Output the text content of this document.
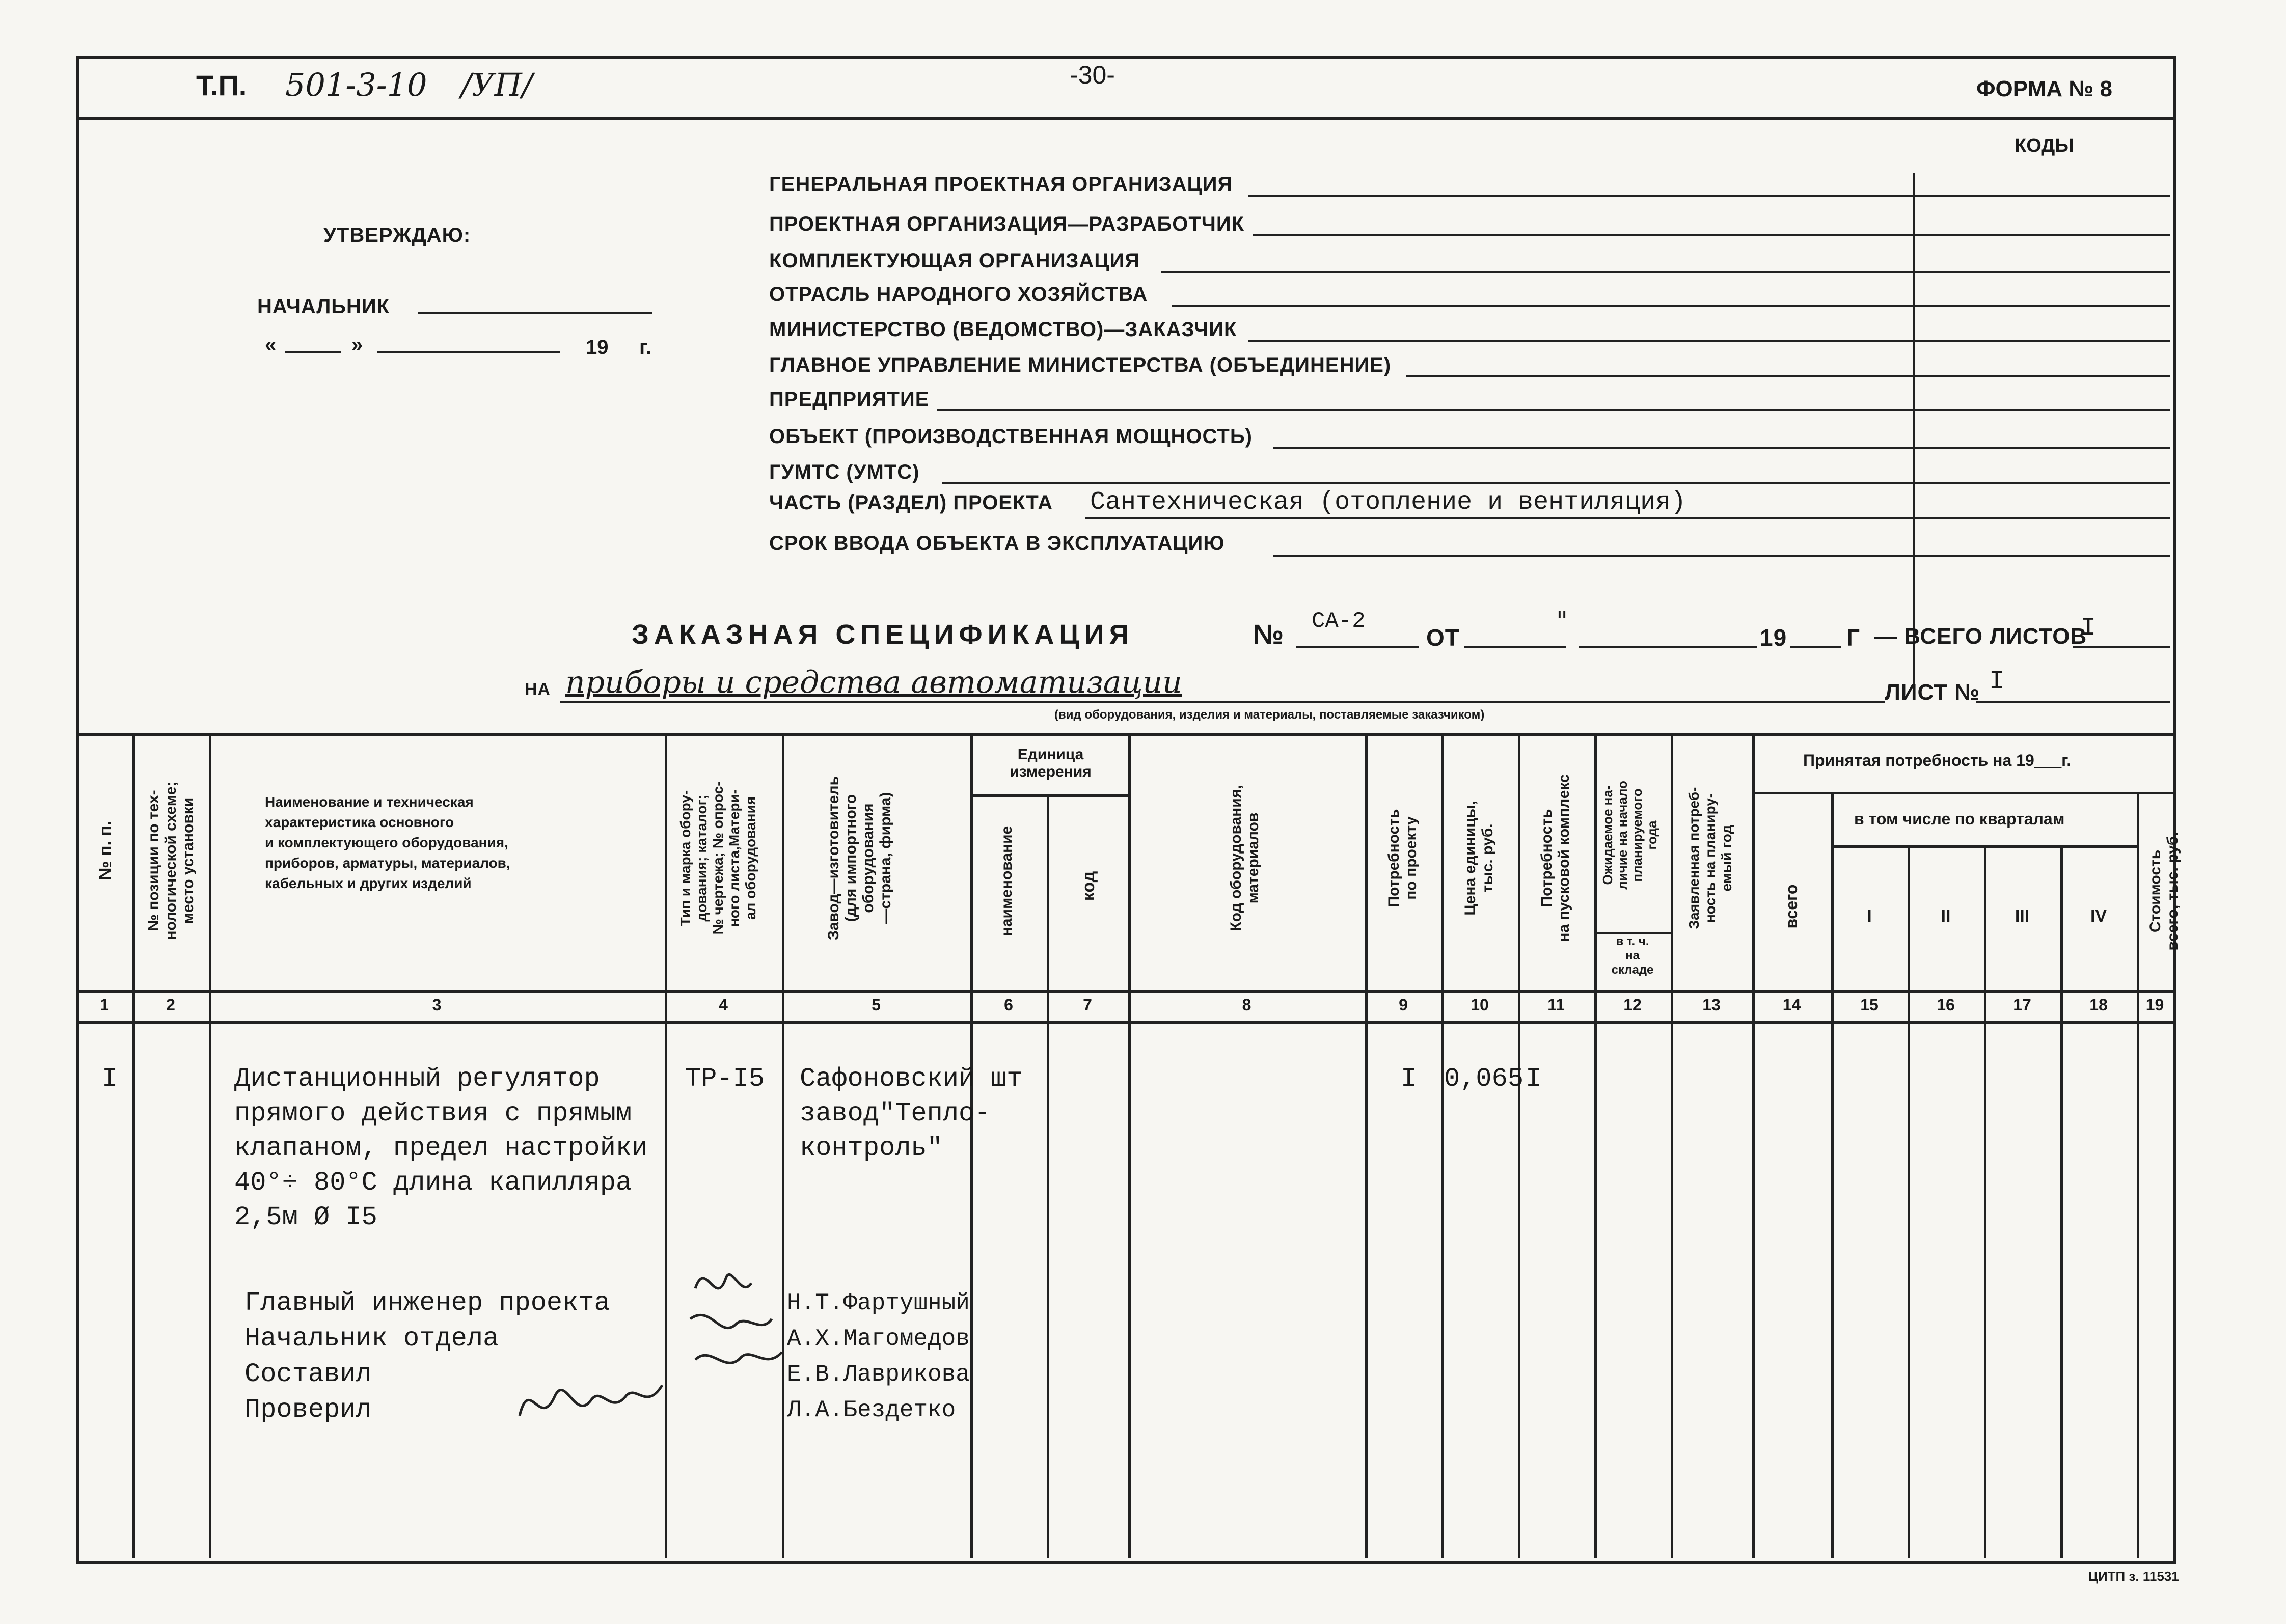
Т.П. 501-3-10 /УП/	-30-	ФОРМА № 8
КОДЫ
УТВЕРЖДАЮ:
НАЧАЛЬНИК
«	»	19 г.
ГЕНЕРАЛЬНАЯ ПРОЕКТНАЯ ОРГАНИЗАЦИЯ
ПРОЕКТНАЯ ОРГАНИЗАЦИЯ—РАЗРАБОТЧИК
КОМПЛЕКТУЮЩАЯ ОРГАНИЗАЦИЯ
ОТРАСЛЬ НАРОДНОГО ХОЗЯЙСТВА
МИНИСТЕРСТВО (ВЕДОМСТВО)—ЗАКАЗЧИК
ГЛАВНОЕ УПРАВЛЕНИЕ МИНИСТЕРСТВА (ОБЪЕДИНЕНИЕ)
ПРЕДПРИЯТИЕ
ОБЪЕКТ (ПРОИЗВОДСТВЕННАЯ МОЩНОСТЬ)
ГУМТС (УМТС)
ЧАСТЬ (РАЗДЕЛ) ПРОЕКТА Сантехническая (отопление и вентиляция)
СРОК ВВОДА ОБЪЕКТА В ЭКСПЛУАТАЦИЮ
ЗАКАЗНАЯ СПЕЦИФИКАЦИЯ	№ СА-2
ОТ
"
19	Г — ВСЕГО ЛИСТОВ
I
НА приборы и средства автоматизации	ЛИСТ № I
(вид оборудования, изделия и материалы, поставляемые заказчиком)
№ п. п.
№ позиции по тех-
нологической схеме;
место установки	Наименование и техническая
характеристика основного
и комплектующего оборудования,
приборов, арматуры, материалов,
кабельных и других изделий
Тип и марка обору-
дования; каталог;
№ чертежа; № опрос-
ного листа,Матери-
ал оборудования	Завод—изготовитель
(для импортного
оборудования
—страна, фирма)
Единица
измерения
наименование	код
Код оборудования,
материалов	Потребность
по проекту
Цена единицы,
тыс. руб.	Потребность
на пусковой комплекс Ожидаемое на-
личие на начало
планируемого
года
в т. ч.
на
складе
Заявленная потреб-
ность на планиру-
емый год
Принятая потребность на 19___г.
в том числе по кварталам
всего	I	II	III	IV	Стоимость
всего, тыс. руб.
1	2	3	4	5	6	7	8	9	10	11	12	13	14	15	16	17	18	19
I	Дистанционный регулятор
прямого действия с прямым
клапаном, предел настройки
40°÷ 80°С длина капилляра
2,5м Ø I5
ТР-I5 Сафоновский
завод"Тепло-
контроль"
шт	I 0,065 I
Главный инженер проекта
Начальник отдела
Составил
Проверил
Н.Т.Фартушный
А.Х.Магомедов
Е.В.Лаврикова
Л.А.Бездетко
ЦИТП з. 11531
